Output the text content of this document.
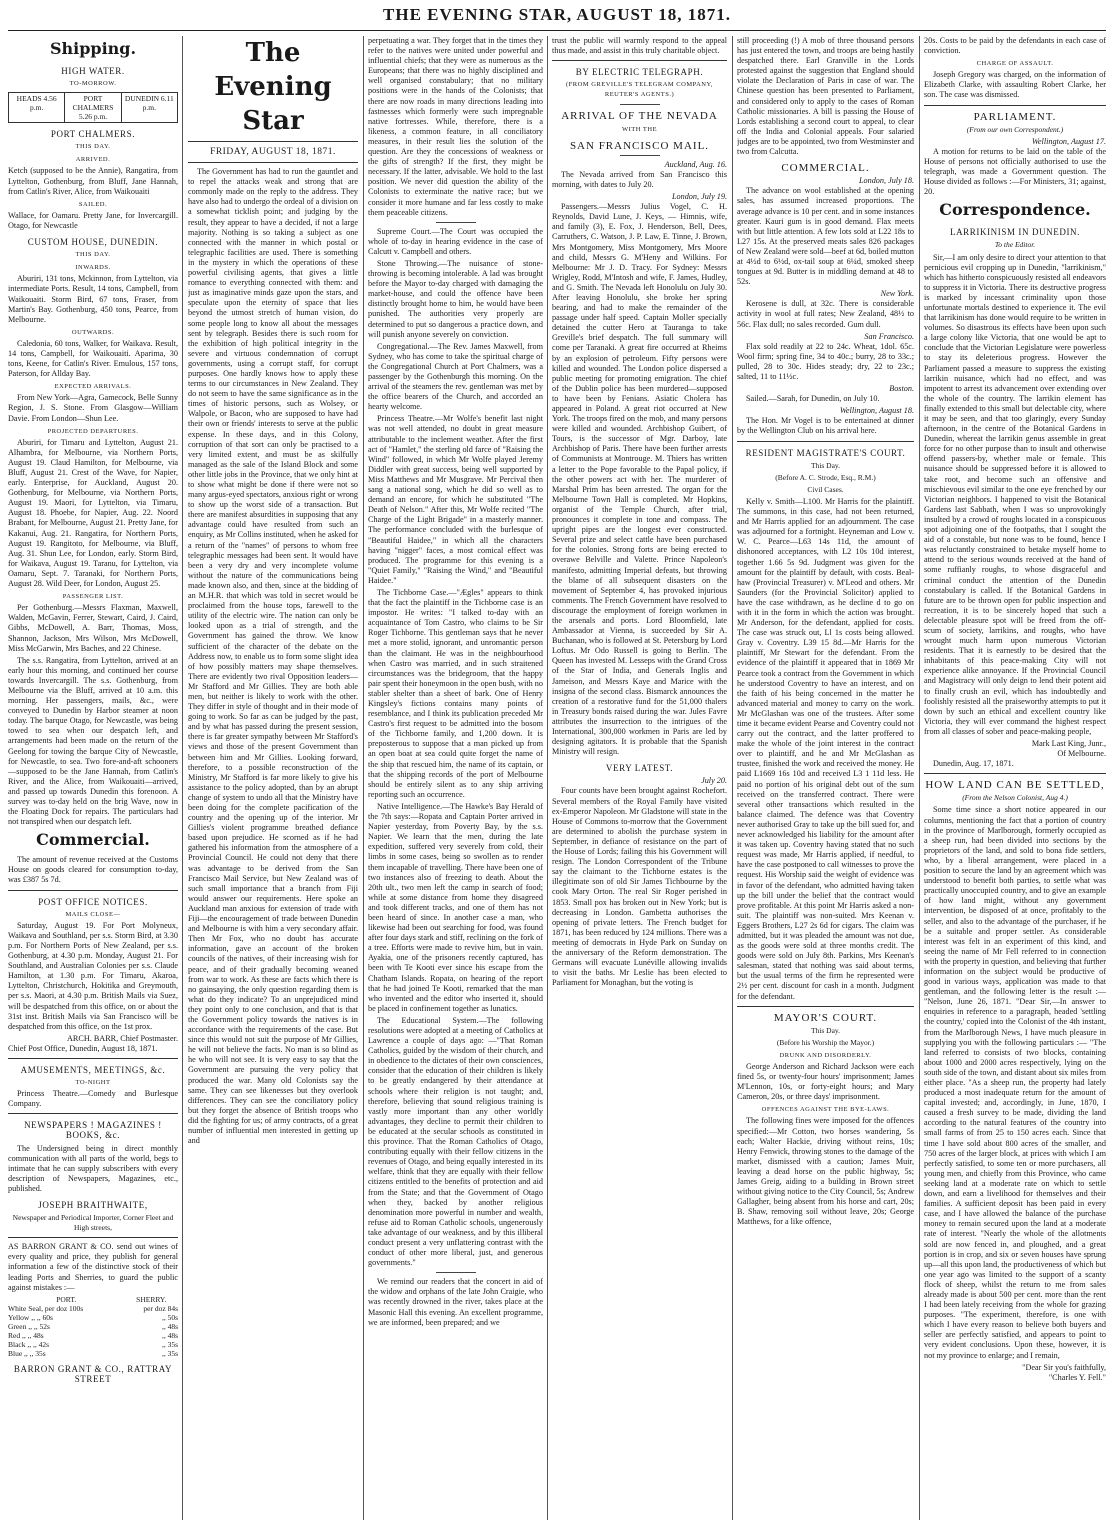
THE EVENING STAR, AUGUST 18, 1871.
Shipping.
HIGH WATER.
TO-MORROW.
HEADS 4.56 p.m.
PORT CHALMERS 5.26 p.m.
DUNEDIN 6.11 p.m.
PORT CHALMERS.
THIS DAY.
ARRIVED.

Ketch (supposed to be the Annie), Rangatira, from Lyttelton, Gothenburg, from Bluff, Jane Hannah, from Catlin's River, Alice, from Waikouaiti

SAILED.

Wallace, for Oamaru. Pretty Jane, for Invercargill. Otago, for Newcastle

CUSTOM HOUSE, DUNEDIN.
THIS DAY.
INWARDS.

Aburiri, 131 tons, Mckinnon, from Lyttelton, via intermediate Ports. Result, 14 tons, Campbell, from Waikouaiti. Storm Bird, 67 tons, Fraser, from Martin's Bay. Gothenburg, 450 tons, Pearce, from Melbourne.

OUTWARDS.

Caledonia, 60 tons, Walker, for Waikava. Result, 14 tons, Campbell, for Waikouaiti. Aparima, 30 tons, Keene, for Catlin's River. Emulous, 157 tons, Paterson, for Allday Bay.

EXPECTED ARRIVALS.

From New York—Agra, Gamecock, Belle Sunny Region, J. S. Stone. From Glasgow—William Davie. From London—Shun Lee.

PROJECTED DEPARTURES.

Aburiri, for Timaru and Lyttelton, August 21. Alhambra, for Melbourne, via Northern Ports, August 19. Claud Hamilton, for Melbourne, via Bluff, August 21. Crest of the Wave, for Napier, early. Enterprise, for Auckland, August 20. Gothenburg, for Melbourne, via Northern Ports, August 19. Maori, for Lyttelton, via Timaru, August 18. Phoebe, for Napier, Aug. 22. Noord Brabant, for Melbourne, August 21. Pretty Jane, for Kakanui, Aug. 21. Rangatira, for Northern Ports, August 19. Rangitoto, for Melbourne, via Bluff, Aug. 31. Shun Lee, for London, early. Storm Bird, for Waikava, August 19. Taranu, for Lyttelton, via Oamaru, Sept. 7. Taranaki, for Northern Ports, August 28. Wild Deer, for London, August 25.

PASSENGER LIST.

Per Gothenburg.—Messrs Flaxman, Maxwell, Walden, McGavin, Ferrer, Stewart, Caird, J. Caird, Gibbs, McDowell, A. Barr, Thomas, Moss, Shannon, Jackson, Mrs Wilson, Mrs McDowell, Miss McGarwin, Mrs Baches, and 22 Chinese.

The s.s. Rangatira, from Lyttelton, arrived at an early hour this morning, and continued her course towards Invercargill. The s.s. Gothenburg, from Melbourne via the Bluff, arrived at 10 a.m. this morning. Her passengers, mails, &c., were conveyed to Dunedin by Harbor steamer at noon today. The barque Otago, for Newcastle, was being towed to sea when our despatch left, and arrangements had been made on the return of the Geelong for towing the barque City of Newcastle, for Newcastle, to sea. Two fore-and-aft schooners—supposed to be the Jane Hannah, from Catlin's River, and the Alice, from Waikouaiti—arrived, and passed up towards Dunedin this forenoon. A survey was to-day held on the brig Wave, now in the Floating Dock for repairs. The particulars had not transpired when our despatch left.

Commercial.

The amount of revenue received at the Customs House on goods cleared for consumption to-day, was £387 5s 7d.

POST OFFICE NOTICES.
MAILS CLOSE—

Saturday, August 19. For Port Molyneux, Waikava and Southland, per s.s. Storm Bird, at 3.30 p.m. For Northern Ports of New Zealand, per s.s. Gothenburg, at 4.30 p.m. Monday, August 21. For Southland, and Australian Colonies per s.s. Claude Hamilton, at 1.30 p.m. For Timaru, Akaroa, Lyttelton, Christchurch, Hokitika and Greymouth, per s.s. Maori, at 4.30 p.m. British Mails via Suez, will be despatched from this office, on or about the 31st inst. British Mails via San Francisco will be despatched from this office, on the 1st prox.

ARCH. BARR, Chief Postmaster.

Chief Post Office, Dunedin, August 18, 1871.

AMUSEMENTS, MEETINGS, &c.
TO-NIGHT

Princess Theatre.—Comedy and Burlesque Company.

NEWSPAPERS ! MAGAZINES ! BOOKS, &c.

The Undersigned being in direct monthly communication with all parts of the world, begs to intimate that he can supply subscribers with every description of Newspapers, Magazines, etc., published.

JOSEPH BRAITHWAITE,
Newspaper and Periodical Importer, Corner Fleet and High streets,

AS BARRON GRANT & CO. send out wines of every quality and price, they publish for general information a few of the distinctive stock of their leading Ports and Sherries, to guard the public against mistakes :—

PORT.	SHERRY.
White Seal, per doz 100s	per doz 84s
Yellow ,, ,, 60s	,, 50s
Green ,, ,, 52s	,, 48s
Red ,, ,, 48s	,, 48s
Black ,, ,, 42s	,, 35s
Blue ,, ,, 35s	,, 35s
BARRON GRANT & CO., RATTRAY STREET
The Evening Star
FRIDAY, AUGUST 18, 1871.

The Government has had to run the gauntlet and to repel the attacks weak and strong that are commonly made on the reply to the address. They have also had to undergo the ordeal of a division on a somewhat ticklish point; and judging by the result, they appear to have a decided, if not a large majority. Nothing is so taking a subject as one connected with the manner in which postal or telegraphic facilities are used. There is something in the mystery in which the operations of these powerful civilising agents, that gives a little romance to everything connected with them: and just as imaginative minds gaze upon the stars, and speculate upon the eternity of space that lies beyond the utmost stretch of human vision, do some people long to know all about the messages sent by telegraph. Besides there is such room for the exhibition of high political integrity in the severe and virtuous condemnation of corrupt governments, using a corrupt staff, for corrupt purposes. One hardly knows how to apply these terms to our circumstances in New Zealand. They do not seem to have the same significance as in the times of historic persons, such as Wolsey, or Walpole, or Bacon, who are supposed to have had their own or friends' interests to serve at the public expense. In these days, and in this Colony, corruption of that sort can only be practised to a very limited extent, and must be as skilfully managed as the sale of the Island Block and some other little jobs in the Province, that we only hint at to show what might be done if there were not so many argus-eyed spectators, anxious right or wrong to show up the worst side of a transaction. But there are manifest absurdities in supposing that any advantage could have resulted from such an enquiry, as Mr Collins instituted, when he asked for a return of the "names" of persons to whom free telegraphic messages had been sent. It would have been a very dry and very incomplete volume without the nature of the communications being made known also, and then, since at the bidding of an M.H.R. that which was told in secret would be proclaimed from the house tops, farewell to the utility of the electric wire. The nation can only be looked upon as a trial of strength, and the Government has gained the throw. We know sufficient of the character of the debate on the Address now, to enable us to form some slight idea of how possibly matters may shape themselves. There are evidently two rival Opposition leaders—Mr Stafford and Mr Gillies. They are both able men, but neither is likely to work with the other. They differ in style of thought and in their mode of going to work. So far as can be judged by the past, and by what has passed during the present session, there is far greater sympathy between Mr Stafford's views and those of the present Government than between him and Mr Gillies. Looking forward, therefore, to a possible reconstruction of the Ministry, Mr Stafford is far more likely to give his assistance to the policy adopted, than by an abrupt change of system to undo all that the Ministry have been doing for the complete pacification of the country and the opening up of the interior. Mr Gillies's violent programme breathed defiance based upon prejudice. He scorned as if he had gathered his information from the atmosphere of a Provincial Council. He could not deny that there was advantage to be derived from the San Francisco Mail Service, but New Zealand was of such small importance that a branch from Fiji would answer our requirements. Here spoke an Auckland man anxious for extension of trade with Fiji—the encouragement of trade between Dunedin and Melbourne is with him a very secondary affair. Then Mr Fox, who no doubt has accurate information, gave an account of the broken councils of the natives, of their increasing wish for peace, and of their gradually becoming weaned from war to work. As these are facts which there is no gainsaying, the only question regarding them is what do they indicate? To an unprejudiced mind they point only to one conclusion, and that is that the Government policy towards the natives is in accordance with the requirements of the case. But since this would not suit the purpose of Mr Gillies, he will not believe the facts. No man is so blind as he who will not see. It is very easy to say that the Government are pursuing the very policy that produced the war. Many old Colonists say the same. They can see likenesses but they overlook differences. They can see the conciliatory policy but they forget the absence of British troops who did the fighting for us; of army contracts, of a great number of influential men interested in getting up and

perpetuating a war. They forget that in the times they refer to the natives were united under powerful and influential chiefs; that they were as numerous as the Europeans; that there was no highly disciplined and well organised constabulary; that no military positions were in the hands of the Colonists; that there are now roads in many directions leading into fastnesses which formerly were such impregnable native fortresses. While, therefore, there is a likeness, a common feature, in all conciliatory measures, in their result lies the solution of the question. Are they the concessions of weakness or the gifts of strength? If the first, they might be necessary. If the latter, advisable. We hold to the last position. We never did question the ability of the Colonists to exterminate the native race; but we consider it more humane and far less costly to make them peaceable citizens.

Supreme Court.—The Court was occupied the whole of to-day in hearing evidence in the case of Calcutt v. Campbell and others.

Stone Throwing.—The nuisance of stone-throwing is becoming intolerable. A lad was brought before the Mayor to-day charged with damaging the market-house, and could the offence have been distinctly brought home to him, he would have been punished. The authorities very properly are determined to put so dangerous a practice down, and will punish anyone severely on conviction.

Congregational.—The Rev. James Maxwell, from Sydney, who has come to take the spiritual charge of the Congregational Church at Port Chalmers, was a passenger by the Gothenburgh this morning. On the arrival of the steamers the rev. gentleman was met by the office bearers of the Church, and accorded an hearty welcome.

Princess Theatre.—Mr Wolfe's benefit last night was not well attended, no doubt in great measure attributable to the inclement weather. After the first act of "Hamlet," the sterling old farce of "Raising the Wind" followed, in which Mr Wolfe played Jeremy Diddler with great success, being well supported by Miss Matthews and Mr Musgrave. Mr Percival then sang a national song, which he did so well as to demand an encore, for which he substituted "The Death of Nelson." After this, Mr Wolfe recited "The Charge of the Light Brigade" in a masterly manner. The performance concluded with the burlesque of "Beautiful Haidee," in which all the characters having "nigger" faces, a most comical effect was produced. The programme for this evening is a "Quiet Family," "Raising the Wind," and "Beautiful Haidee."

The Tichborne Case.—"Ægles" appears to think that the fact the plaintiff in the Tichborne case is an impostor. He writes: "I talked to-day with an acquaintance of Tom Castro, who claims to be Sir Roger Tichborne. This gentleman says that he never met a more stolid, ignorant, and unromantic person than the claimant. He was in the neighbourhood when Castro was married, and in such straitened circumstances was the bridegroom, that the happy pair spent their honeymoon in the open bush, with no stabler shelter than a sheet of bark. One of Henry Kingsley's fictions contains many points of resemblance, and I think its publication preceded Mr Castro's first request to be admitted into the bosom of the Tichborne family, and 1,200 down. It is preposterous to suppose that a man picked up from an open boat at sea could quite forget the name of the ship that rescued him, the name of its captain, or that the shipping records of the port of Melbourne should be entirely silent as to any ship arriving reporting such an occurrence.

Native Intelligence.—The Hawke's Bay Herald of the 7th says:—Ropata and Captain Porter arrived in Napier yesterday, from Poverty Bay, by the s.s. Napier. We learn that the men, during the late expedition, suffered very severely from cold, their limbs in some cases, being so swollen as to render them incapable of travelling. There have been one of two instances also of freezing to death. About the 20th ult., two men left the camp in search of food; while at some distance from home they disagreed and took different tracks, and one of them has not been heard of since. In another case a man, who likewise had been out searching for food, was found after four days stark and stiff, reclining on the fork of a tree. Efforts were made to revive him, but in vain. Ayakia, one of the prisoners recently captured, has been with Te Kooti ever since his escape from the Chatham Islands. Ropata, on hearing of the report that he had joined Te Kooti, remarked that the man who invented and the editor who inserted it, should be placed in confinement together as lunatics.

The Educational System.—The following resolutions were adopted at a meeting of Catholics at Lawrence a couple of days ago: —"That Roman Catholics, guided by the wisdom of their church, and in obedience to the dictates of their own consciences, consider that the education of their children is likely to be greatly endangered by their attendance at schools where their religion is not taught; and, therefore, believing that sound religious training is vastly more important than any other worldly advantages, they decline to permit their children to be educated at the secular schools as constituted in this province. That the Roman Catholics of Otago, contributing equally with their fellow citizens in the revenues of Otago, and being equally interested in its welfare, think that they are equally with their fellow citizens entitled to the benefits of protection and aid from the State; and that the Government of Otago when they, backed by another religious denomination more powerful in number and wealth, refuse aid to Roman Catholic schools, ungenerously take advantage of our weakness, and by this illiberal conduct present a very unflattering contrast with the conduct of other more liberal, just, and generous governments."

We remind our readers that the concert in aid of the widow and orphans of the late John Craigie, who was recently drowned in the river, takes place at the Masonic Hall this evening. An excellent programme, we are informed, been prepared; and we

trust the public will warmly respond to the appeal thus made, and assist in this truly charitable object.

BY ELECTRIC TELEGRAPH.
(FROM GREVILLE'S TELEGRAM COMPANY, REUTER'S AGENTS.)
ARRIVAL OF THE NEVADA
WITH THE
SAN FRANCISCO MAIL.
Auckland, Aug. 16.

The Nevada arrived from San Francisco this morning, with dates to July 20.

London, July 19.

Passengers.—Messrs Julius Vogel, C. H. Reynolds, David Lune, J. Keys, — Himnis, wife, and family (3), E. Fox, J. Henderson, Bell, Dees, Carruthers, C. Watson, J. P. Law, E. Tinne, J. Brown, Mrs Montgomery, Miss Montgomery, Mrs Moore and child, Messrs G. M'Heny and Wilkins. For Melbourne: Mr J. D. Tracy. For Sydney: Messrs Wrigley, Rodd, M'Intosh and wife, F. James, Hudley, and G. Smith. The Nevada left Honolulu on July 30. After leaving Honolulu, she broke her spring bearing, and had to make the remainder of the passage under half speed. Captain Moller specially detained the cutter Hero at Tauranga to take Greville's brief despatch. The full summary will come per Taranaki. A great fire occurred at Rheims by an explosion of petroleum. Fifty persons were killed and wounded. The London police dispersed a public meeting for promoting emigration. The chief of the Dublin police has been murdered—supposed to have been by Fenians. Asiatic Cholera has appeared in Poland. A great riot occurred at New York. The troops fired on the mob, and many persons were killed and wounded. Archbishop Guibert, of Tours, is the successor of Mgr. Darboy, late Archbishop of Paris. There have been further arrests of Communists at Montrouge. M. Thiers has written a letter to the Pope favorable to the Papal policy, if the other powers act with her. The murderer of Marshal Prim has been arrested. The organ for the Melbourne Town Hall is completed. Mr Hopkins, organist of the Temple Church, after trial, pronounces it complete in tone and compass. The upright pipes are the longest ever constructed. Several prize and select cattle have been purchased for the colonies. Strong forts are being erected to overawe Belville and Valette. Prince Napoleon's manifesto, admitting Imperial defeats, but throwing the blame of all subsequent disasters on the movement of September 4, has provoked injurious comments. The French Government have resolved to discourage the employment of foreign workmen in the arsenals and ports. Lord Bloomfield, late Ambassador at Vienna, is succeeded by Sir A. Buchanan, who is followed at St. Petersburg by Lord Loftus. Mr Odo Russell is going to Berlin. The Queen has invested M. Lesseps with the Grand Cross of the Star of India, and Generals Inglis and Jameison, and Messrs Kaye and Marice with the insigna of the second class. Bismarck announces the creation of a restorative fund for the 51,000 thalers in Treasury bonds raised during the war. Jules Favre attributes the insurrection to the intrigues of the International, 300,000 workmen in Paris are led by designing agitators. It is probable that the Spanish Ministry will resign.

VERY LATEST.
July 20.

Four counts have been brought against Rochefort. Several members of the Royal Family have visited ex-Emperor Napoleon. Mr Gladstone will state in the House of Commons to-morrow that the Government are determined to abolish the purchase system in September, in defiance of resistance on the part of the House of Lords; failing this his Government will resign. The London Correspondent of the Tribune say the claimant to the Tichborne estates is the illegitimate son of old Sir James Tichbourne by the cook Mary Orton. The real Sir Roger perished in 1853. Small pox has broken out in New York; but is decreasing in London. Gambetta authorises the opening of private letters. The French budget for 1871, has been reduced by 124 millions. There was a meeting of democrats in Hyde Park on Sunday on the anniversary of the Reform demonstration. The Germans will evacuate Lunéville allowing invalids to visit the baths. Mr Leslie has been elected to Parliament for Monaghan, but the voting is

still proceeding (!) A mob of three thousand persons has just entered the town, and troops are being hastily despatched there. Earl Granville in the Lords protested against the suggestion that England should violate the Declaration of Paris in case of war. The Chinese question has been presented to Parliament, and considered only to apply to the cases of Roman Catholic missionaries. A bill is passing the House of Lords establishing a second court to appeal, to clear off the India and Colonial appeals. Four salaried judges are to be appointed, two from Westminster and two from Calcutta.

COMMERCIAL.
London, July 18.

The advance on wool established at the opening sales, has assumed increased proportions. The average advance is 10 per cent. and in some instances greater. Kauri gum is in good demand. Flax meets with but little attention. A few lots sold at L22 18s to L27 15s. At the preserved meats sales 826 packages of New Zealand were sold—beef at 6d, boiled mutton at 4½d to 6½d, ox-tail soup at 6¼d, smoked sheep tongues at 9d. Butter is in middling demand at 48 to 52s.

New York.

Kerosene is dull, at 32c. There is considerable activity in wool at full rates; New Zealand, 48½ to 56c. Flax dull; no sales recorded. Gum dull.

San Francisco.

Flax sold readily at 22 to 24c. Wheat, 1dol. 65c. Wool firm; spring fine, 34 to 40c.; burry, 28 to 33c.; pulled, 28 to 30c. Hides steady; dry, 22 to 23c.; salted, 11 to 11½c.

Boston.

Sailed.—Sarah, for Dunedin, on July 10.

Wellington, August 18.

The Hon. Mr Vogel is to be entertained at dinner by the Wellington Club on his arrival here.

RESIDENT MAGISTRATE'S COURT.
This Day.
(Before A. C. Strode, Esq., R.M.)
Civil Cases.

Kelly v. Smith—L100. Mr Harris for the plaintiff. The summons, in this case, had not been returned, and Mr Harris applied for an adjournment. The case was adjourned for a fortnight. Heyneman and Low v. W. C. Pearce—L63 14s 11d, the amount of dishonored acceptances, with L2 10s 10d interest, together 1.66 5s 9d. Judgment was given for the amount for the plaintiff by default, with costs. Beal-haw (Provincial Treasurer) v. M'Leod and others. Mr Saunders (for the Provincial Solicitor) applied to have the case withdrawn, as he decline d to go on with it in the form in which the action was brought. Mr Anderson, for the defendant, applied for costs. The case was struck out, Ll 1s costs being allowed. Gray v. Coventry. L39 15 8d.—Mr Harris for the plaintiff, Mr Stewart for the defendant. From the evidence of the plaintiff it appeared that in 1869 Mr Pearce took a contract from the Government in which he understood Coventry to have an interest, and on the faith of his being concerned in the matter he advanced material and money to carry on the work. Mr McGlashan was one of the trustees. After some time it became evident Pearse and Coventry could not carry out the contract, and the latter proffered to make the whole of the joint interest in the contract over to plaintiff, and he and Mr McGlashan as trustee, finished the work and received the money. He paid L1669 16s 10d and received L3 1 11d less. He paid no portion of his original debt out of the sum received on the transferred contract. There were several other transactions which resulted in the balance claimed. The defence was that Coventry never authorised Gray to take up the bill sued for, and never acknowledged his liability for the amount after it was taken up. Coventry having stated that no such request was made, Mr Harris applied, if needful, to have the case postponed to call witnesses to prove the request. His Worship said the weight of evidence was in favor of the defendant, who admitted having taken up the bill under the belief that the contract would prove profitable. At this point Mr Harris asked a non-suit. The plaintiff was non-suited. Mrs Keenan v. Eggers Brothers, L27 2s 6d for cigars. The claim was admitted, but it was pleaded the amount was not due, as the goods were sold at three months credit. The goods were sold on July 8th. Parkins, Mrs Keenan's salesman, stated that nothing was said about terms, but the usual terms of the firm he represented were 2½ per cent. discount for cash in a month. Judgment for the defendant.

MAYOR'S COURT.
This Day.
(Before his Worship the Mayor.)
DRUNK AND DISORDERLY.

George Anderson and Richard Jackson were each fined 5s, or twenty-four hours' imprisonment; James M'Lennon, 10s, or forty-eight hours; and Mary Cameron, 20s, or three days' imprisonment.

OFFENCES AGAINST THE BYE-LAWS.

The following fines were imposed for the offences specified:—Mr Cotton, two horses wandering, 5s each; Walter Hackie, driving without reins, 10s; Henry Fenwick, throwing stones to the damage of the market, dismissed with a caution; James Muir, leaving a dead horse on the public highway, 5s; James Greig, aiding to a building in Brown street without giving notice to the City Council, 5s; Andrew Gallagher, being absent from his horse and cart, 20s; B. Shaw, removing soil without leave, 20s; George Matthews, for a like offence,

20s. Costs to be paid by the defendants in each case of conviction.

CHARGE OF ASSAULT.

Joseph Gregory was charged, on the information of Elizabeth Clarke, with assaulting Robert Clarke, her son. The case was dismissed.

PARLIAMENT.
(From our own Correspondent.)
Wellington, August 17.

A motion for returns to be laid on the table of the House of persons not officially authorised to use the telegraph, was made a Government question. The House divided as follows :—For Ministers, 31; against, 20.

Correspondence.
LARRIKINISM IN DUNEDIN.
To the Editor.

Sir,—I am only desire to direct your attention to that pernicious evil cropping up in Dunedin, "larrikinism," which has hitherto conspicuously resisted all endeavors to suppress it in Victoria. There its destructive progress is marked by incessant criminality upon those unfortunate mortals destined to experience it. The evil that larrikinism has done would require to be written in volumes. So disastrous its effects have been upon such a large colony like Victoria, that one would be apt to conclude that the Victorian Legislature were powerless to stay its deleterious progress. However the Parliament passed a measure to suppress the existing larrikin nuisance, which had no effect, and was impotent to arrest its advancement over extending over the whole of the country. The larrikin element has finally extended to this small but delectable city, where it may be seen, and that too glaringly, every Sunday afternoon, in the centre of the Botanical Gardens in Dunedin, whereat the larrikin genus assemble in great force for no other purpose than to insult and otherwise offend passers-by, whether male or female. This nuisance should be suppressed before it is allowed to take root, and become such an offensive and mischievous evil similar to the one eye frenched by our Victorian neighbors. I happened to visit the Botanical Gardens last Sabbath, when I was so unprovokingly insulted by a crowd of roughs located in a conspicuous spot adjoining one of the footpaths, that I sought the aid of a constable, but none was to be found, hence I was reluctantly constrained to betake myself home to attend to the serious wounds received at the hand of some ruffianly roughs, to whose disgraceful and criminal conduct the attention of the Dunedin constabulary is called. If the Botanical Gardens in future are to be thrown open for public inspection and recreation, it is to be sincerely hoped that such a delectable pleasure spot will be freed from the off-scum of society, larrikins, and roughs, who have wrought much harm upon numerous Victorian residents. That it is earnestly to be desired that the inhabitants of this peace-making City will not experience alike annoyance. If the Provincial Council and Magistracy will only deign to lend their potent aid to finally crush an evil, which has indoubtedly and foolishly resisted all the praiseworthy attempts to put it down by such an ethical and excellent country like Victoria, they will ever command the highest respect from all classes of sober and peace-making people,

Mark Last King, Junr.,
Of Melbourne.

Dunedin, Aug. 17, 1871.

HOW LAND CAN BE SETTLED,
(From the Nelson Colonist, Aug 4.)

Some time since a short notice appeared in our columns, mentioning the fact that a portion of country in the province of Marlborough, formerly occupied as a sheep run, had been divided into sections by the proprietors of the land, and sold to bona fide settlers, who, by a liberal arrangement, were placed in a position to secure the land by an agreement which was understood to benefit both parties, to settle what was practically unoccupied country, and to give an example of how land might, without any government intervention, be disposed of at once, profitably to the seller, and also to the advantage of the purchaser, if he be a suitable and proper settler. As considerable interest was felt in an experiment of this kind, and seeing the name of Mr Fell referred to in connection with the property in question, and believing that further information on the subject would be productive of good in various ways, application was made to that gentleman, and the following letter is the result :— "Nelson, June 26, 1871. "Dear Sir,—In answer to enquiries in reference to a paragraph, headed 'settling the country,' copied into the Colonist of the 4th instant, from the Marlborough News, I have much pleasure in supplying you with the following particulars :— "The land referred to consists of two blocks, containing about 1000 and 2000 acres respectively, lying on the south side of the town, and distant about six miles from either place. "As a sheep run, the property had lately produced a most inadequate return for the amount of capital invested; and, accordingly, in June, 1870, I caused a fresh survey to be made, dividing the land according to the natural features of the country into small farms of from 25 to 150 acres each. Since that time I have sold about 800 acres of the smaller, and 750 acres of the larger block, at prices with which I am perfectly satisfied, to some ten or more purchasers, all young men, and chiefly from this Province, who came seeking land at a moderate rate on which to settle down, and earn a livelihood for themselves and their families. A sufficient deposit has been paid in every case, and I have allowed the balance of the purchase money to remain secured upon the land at a moderate rate of interest. "Nearly the whole of the allotments sold are now fenced in, and ploughed, and a great portion is in crop, and six or seven houses have sprung up—all this upon land, the productiveness of which but one year ago was limited to the support of a scanty flock of sheep, whilst the return to me from sales already made is about 500 per cent. more than the rent I had been lately receiving from the whole for grazing purposes. "The experiment, therefore, is one with which I have every reason to believe both buyers and seller are perfectly satisfied, and appears to point to very evident conclusions. Upon these, however, it is not my province to enlarge; and I remain,

"Dear Sir you's faithfully,
"Charles Y. Fell."
